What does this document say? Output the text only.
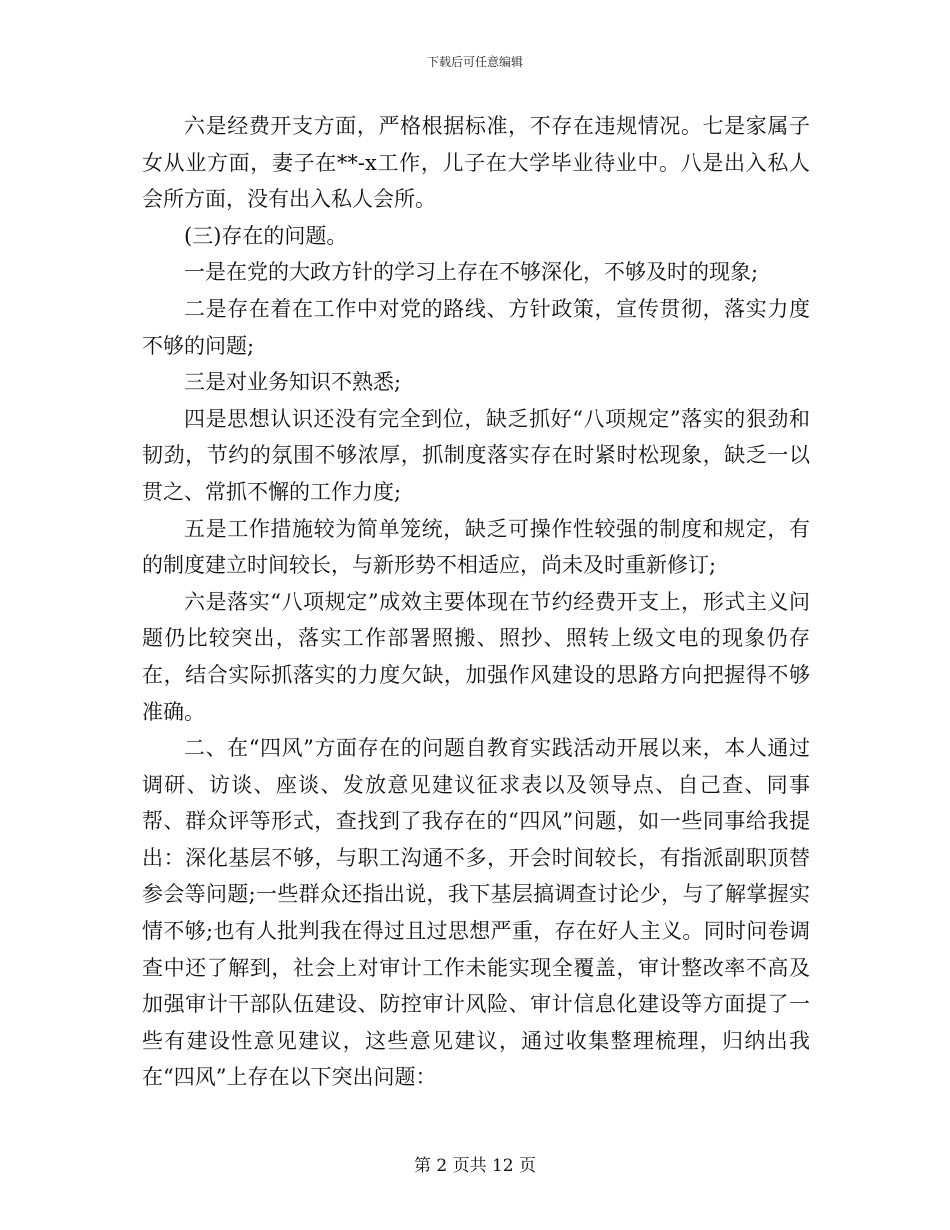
下载后可任意编辑

六是经费开支方面，严格根据标准，不存在违规情况。七是家属子女从业方面，妻子在**-x工作，儿子在大学毕业待业中。八是出入私人会所方面，没有出入私人会所。

(三)存在的问题。

一是在党的大政方针的学习上存在不够深化，不够及时的现象;

二是存在着在工作中对党的路线、方针政策，宣传贯彻，落实力度不够的问题;

三是对业务知识不熟悉;

四是思想认识还没有完全到位，缺乏抓好“八项规定”落实的狠劲和韧劲，节约的氛围不够浓厚，抓制度落实存在时紧时松现象，缺乏一以贯之、常抓不懈的工作力度;

五是工作措施较为简单笼统，缺乏可操作性较强的制度和规定，有的制度建立时间较长，与新形势不相适应，尚未及时重新修订;

六是落实“八项规定”成效主要体现在节约经费开支上，形式主义问题仍比较突出，落实工作部署照搬、照抄、照转上级文电的现象仍存在，结合实际抓落实的力度欠缺，加强作风建设的思路方向把握得不够准确。

二、在“四风”方面存在的问题自教育实践活动开展以来，本人通过调研、访谈、座谈、发放意见建议征求表以及领导点、自己查、同事帮、群众评等形式，查找到了我存在的“四风”问题，如一些同事给我提出：深化基层不够，与职工沟通不多，开会时间较长，有指派副职顶替参会等问题;一些群众还指出说，我下基层搞调查讨论少，与了解掌握实情不够;也有人批判我在得过且过思想严重，存在好人主义。同时问卷调查中还了解到，社会上对审计工作未能实现全覆盖，审计整改率不高及加强审计干部队伍建设、防控审计风险、审计信息化建设等方面提了一些有建设性意见建议，这些意见建议，通过收集整理梳理，归纳出我在“四风”上存在以下突出问题：

第 2 页共 12 页
